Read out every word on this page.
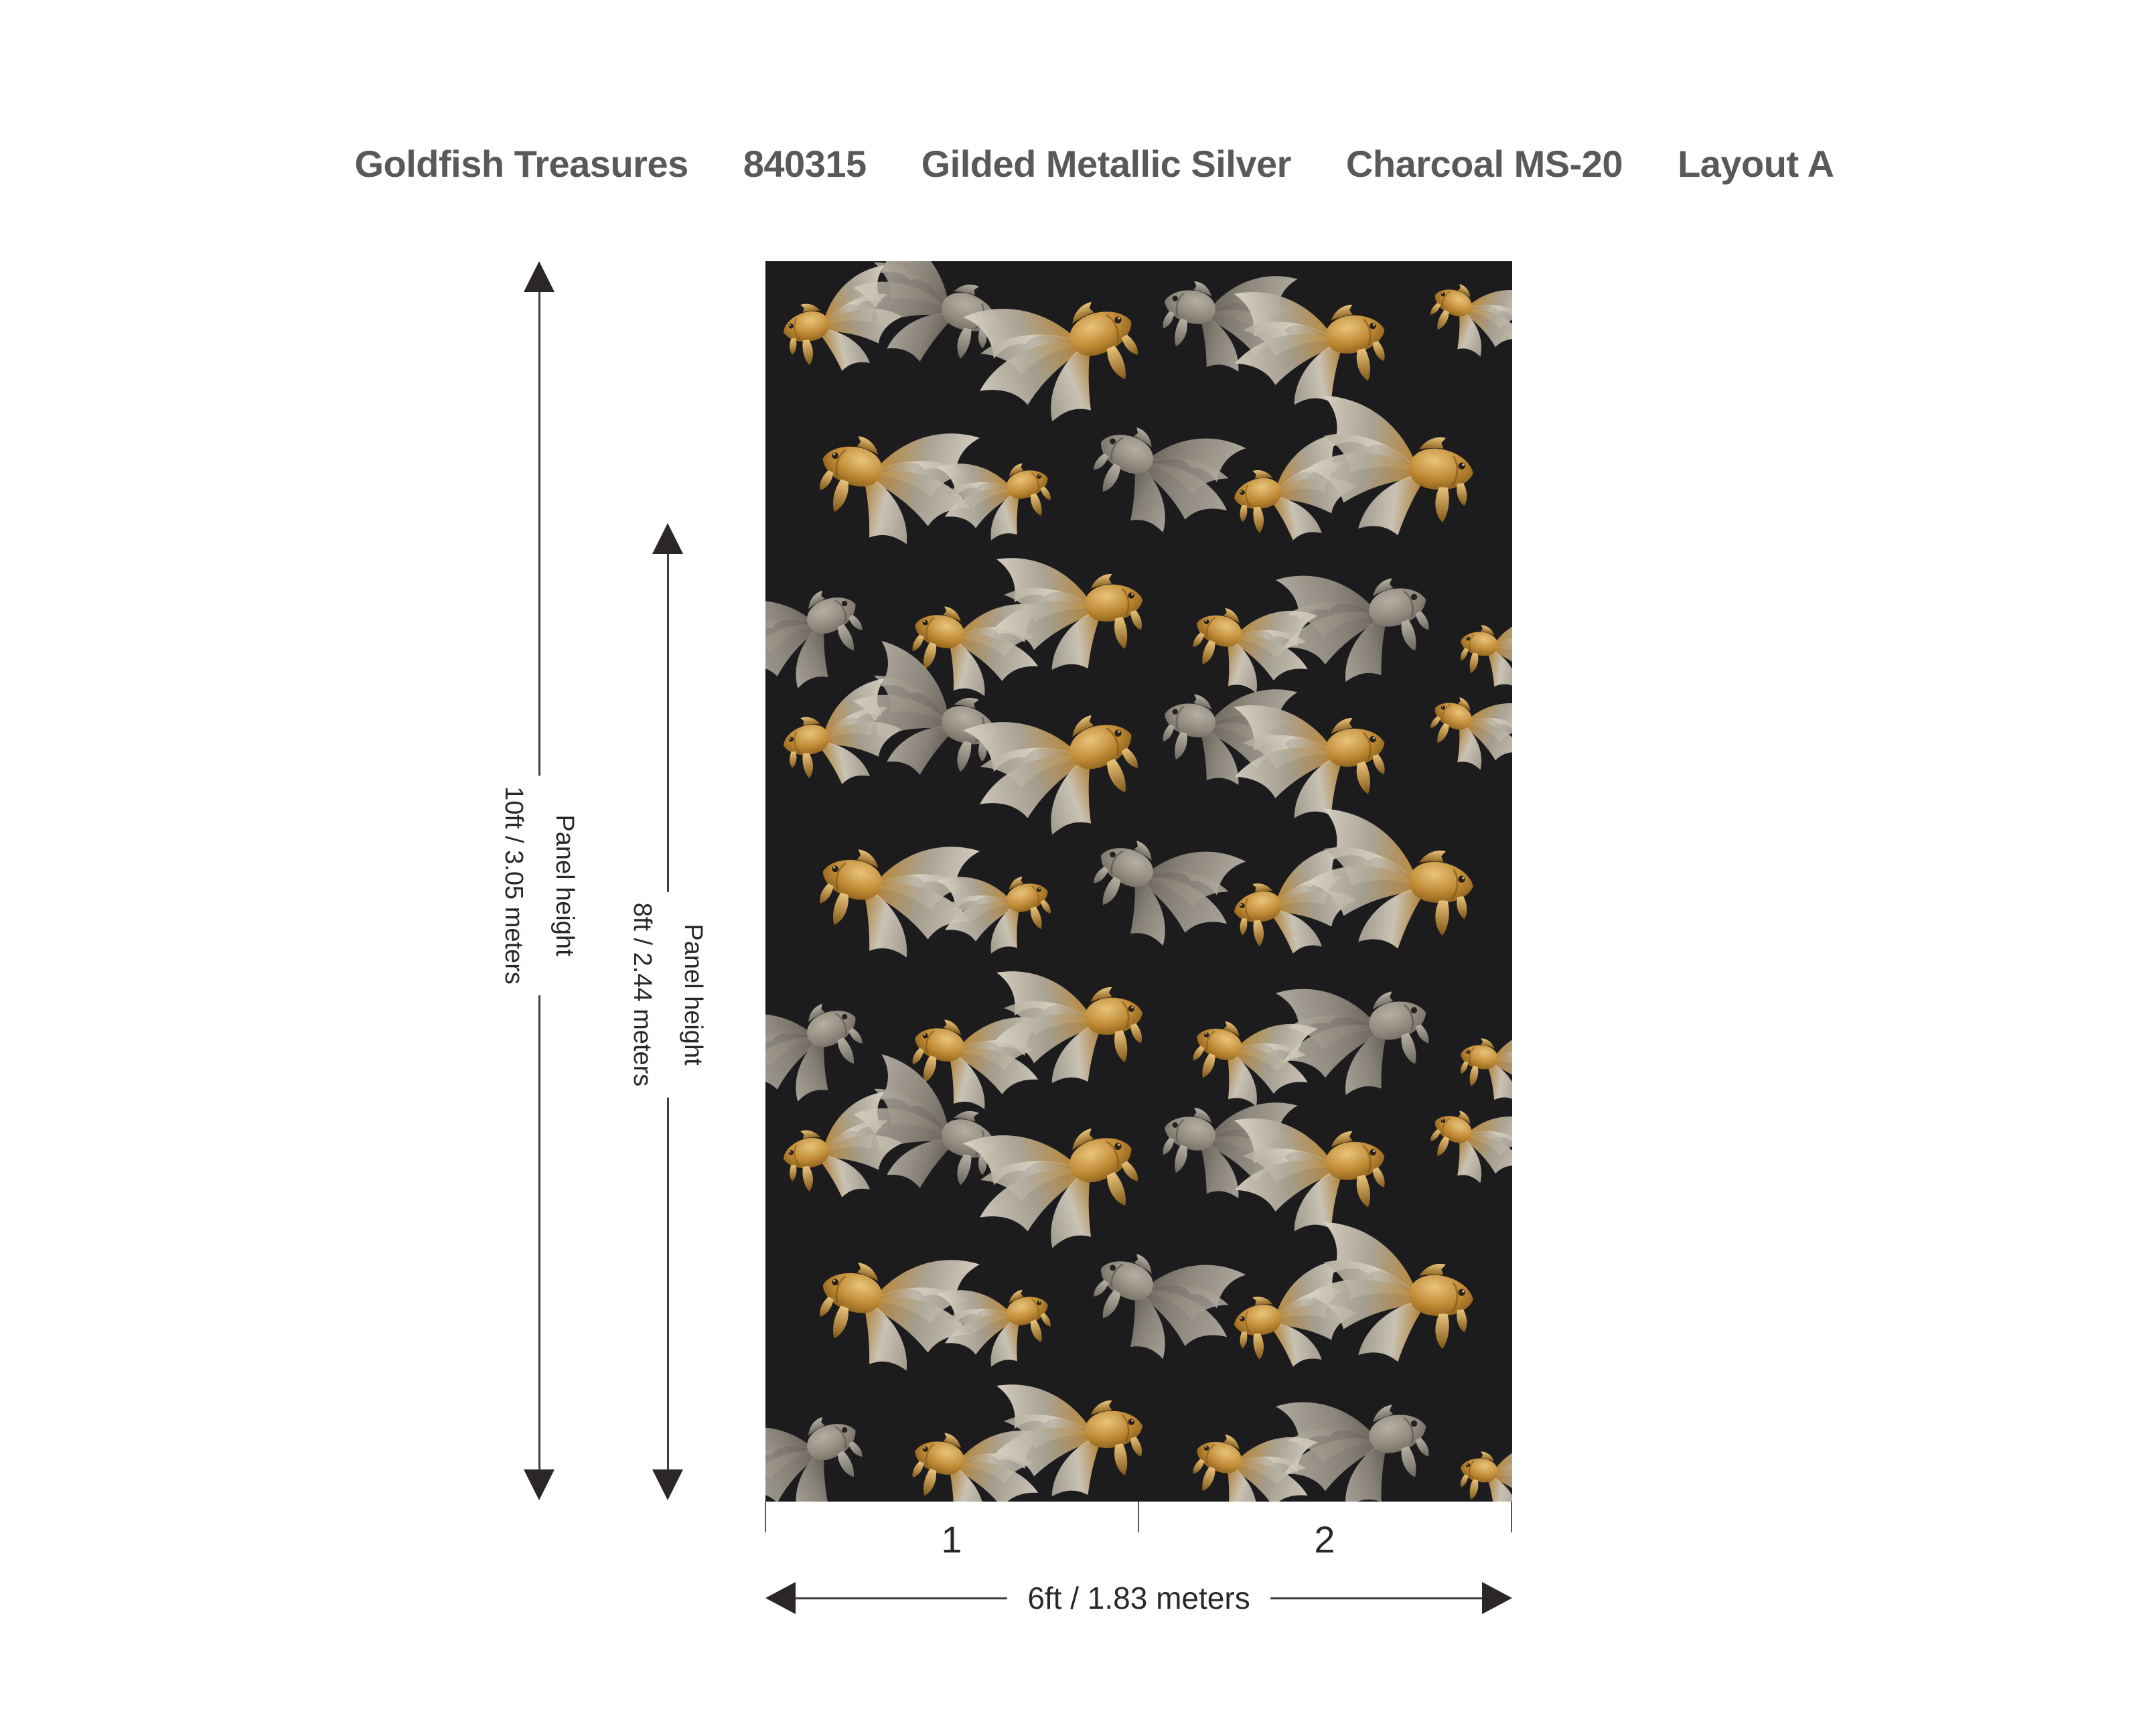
Goldfish Treasures 840315 Gilded Metallic Silver Charcoal MS-20 Layout A
Panel height
10ft / 3.05 meters
Panel height
8ft / 2.44 meters
1	2
6ft / 1.83 meters
